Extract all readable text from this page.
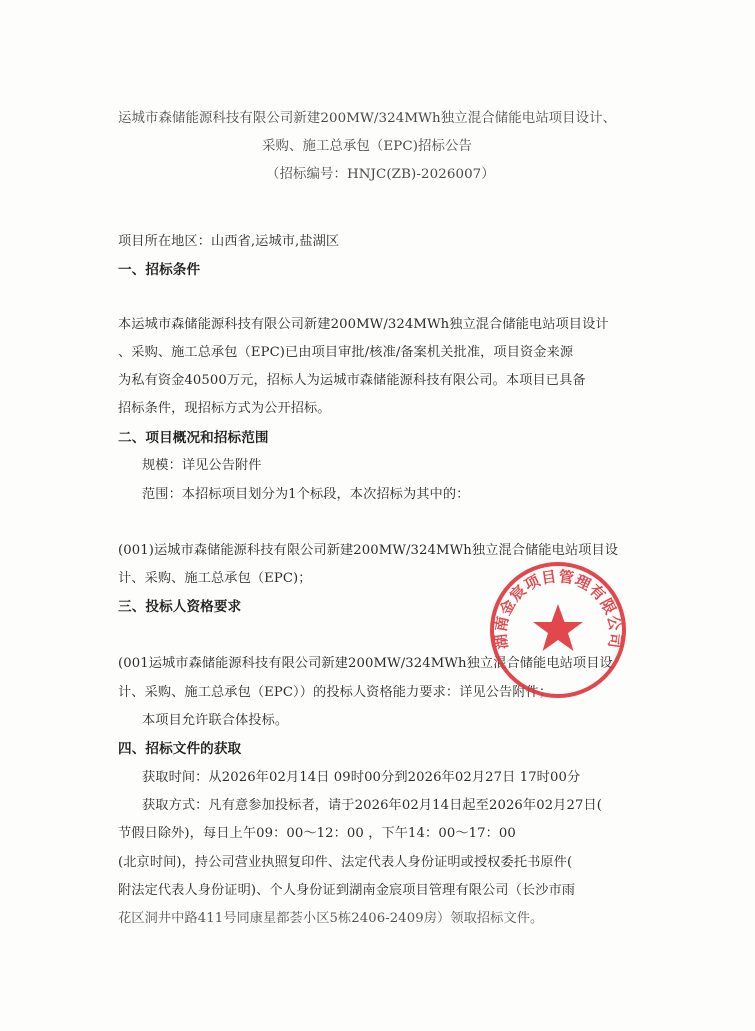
运城市森储能源科技有限公司新建200MW/324MWh独立混合储能电站项目设计、
采购、施工总承包（EPC)招标公告
（招标编号：HNJC(ZB)-2026007）
项目所在地区：山西省,运城市,盐湖区
一、招标条件
本运城市森储能源科技有限公司新建200MW/324MWh独立混合储能电站项目设计
、采购、施工总承包（EPC)已由项目审批/核准/备案机关批准，项目资金来源
为私有资金40500万元，招标人为运城市森储能源科技有限公司。本项目已具备
招标条件，现招标方式为公开招标。
二、项目概况和招标范围
规模：详见公告附件
范围：本招标项目划分为1个标段，本次招标为其中的：
(001)运城市森储能源科技有限公司新建200MW/324MWh独立混合储能电站项目设
计、采购、施工总承包（EPC)；
三、投标人资格要求
(001运城市森储能源科技有限公司新建200MW/324MWh独立混合储能电站项目设
计、采购、施工总承包（EPC））的投标人资格能力要求：详见公告附件；
本项目允许联合体投标。
四、招标文件的获取
获取时间：从2026年02月14日 09时00分到2026年02月27日 17时00分
获取方式：凡有意参加投标者，请于2026年02月14日起至2026年02月27日(
节假日除外)，每日上午09：00～12：00 ，下午14：00～17：00
(北京时间)，持公司营业执照复印件、法定代表人身份证明或授权委托书原件(
附法定代表人身份证明)、个人身份证到湖南金宸项目管理有限公司（长沙市雨
花区洞井中路411号同康星都荟小区5栋2406-2409房）领取招标文件。
湖南金宸项目管理有限公司
